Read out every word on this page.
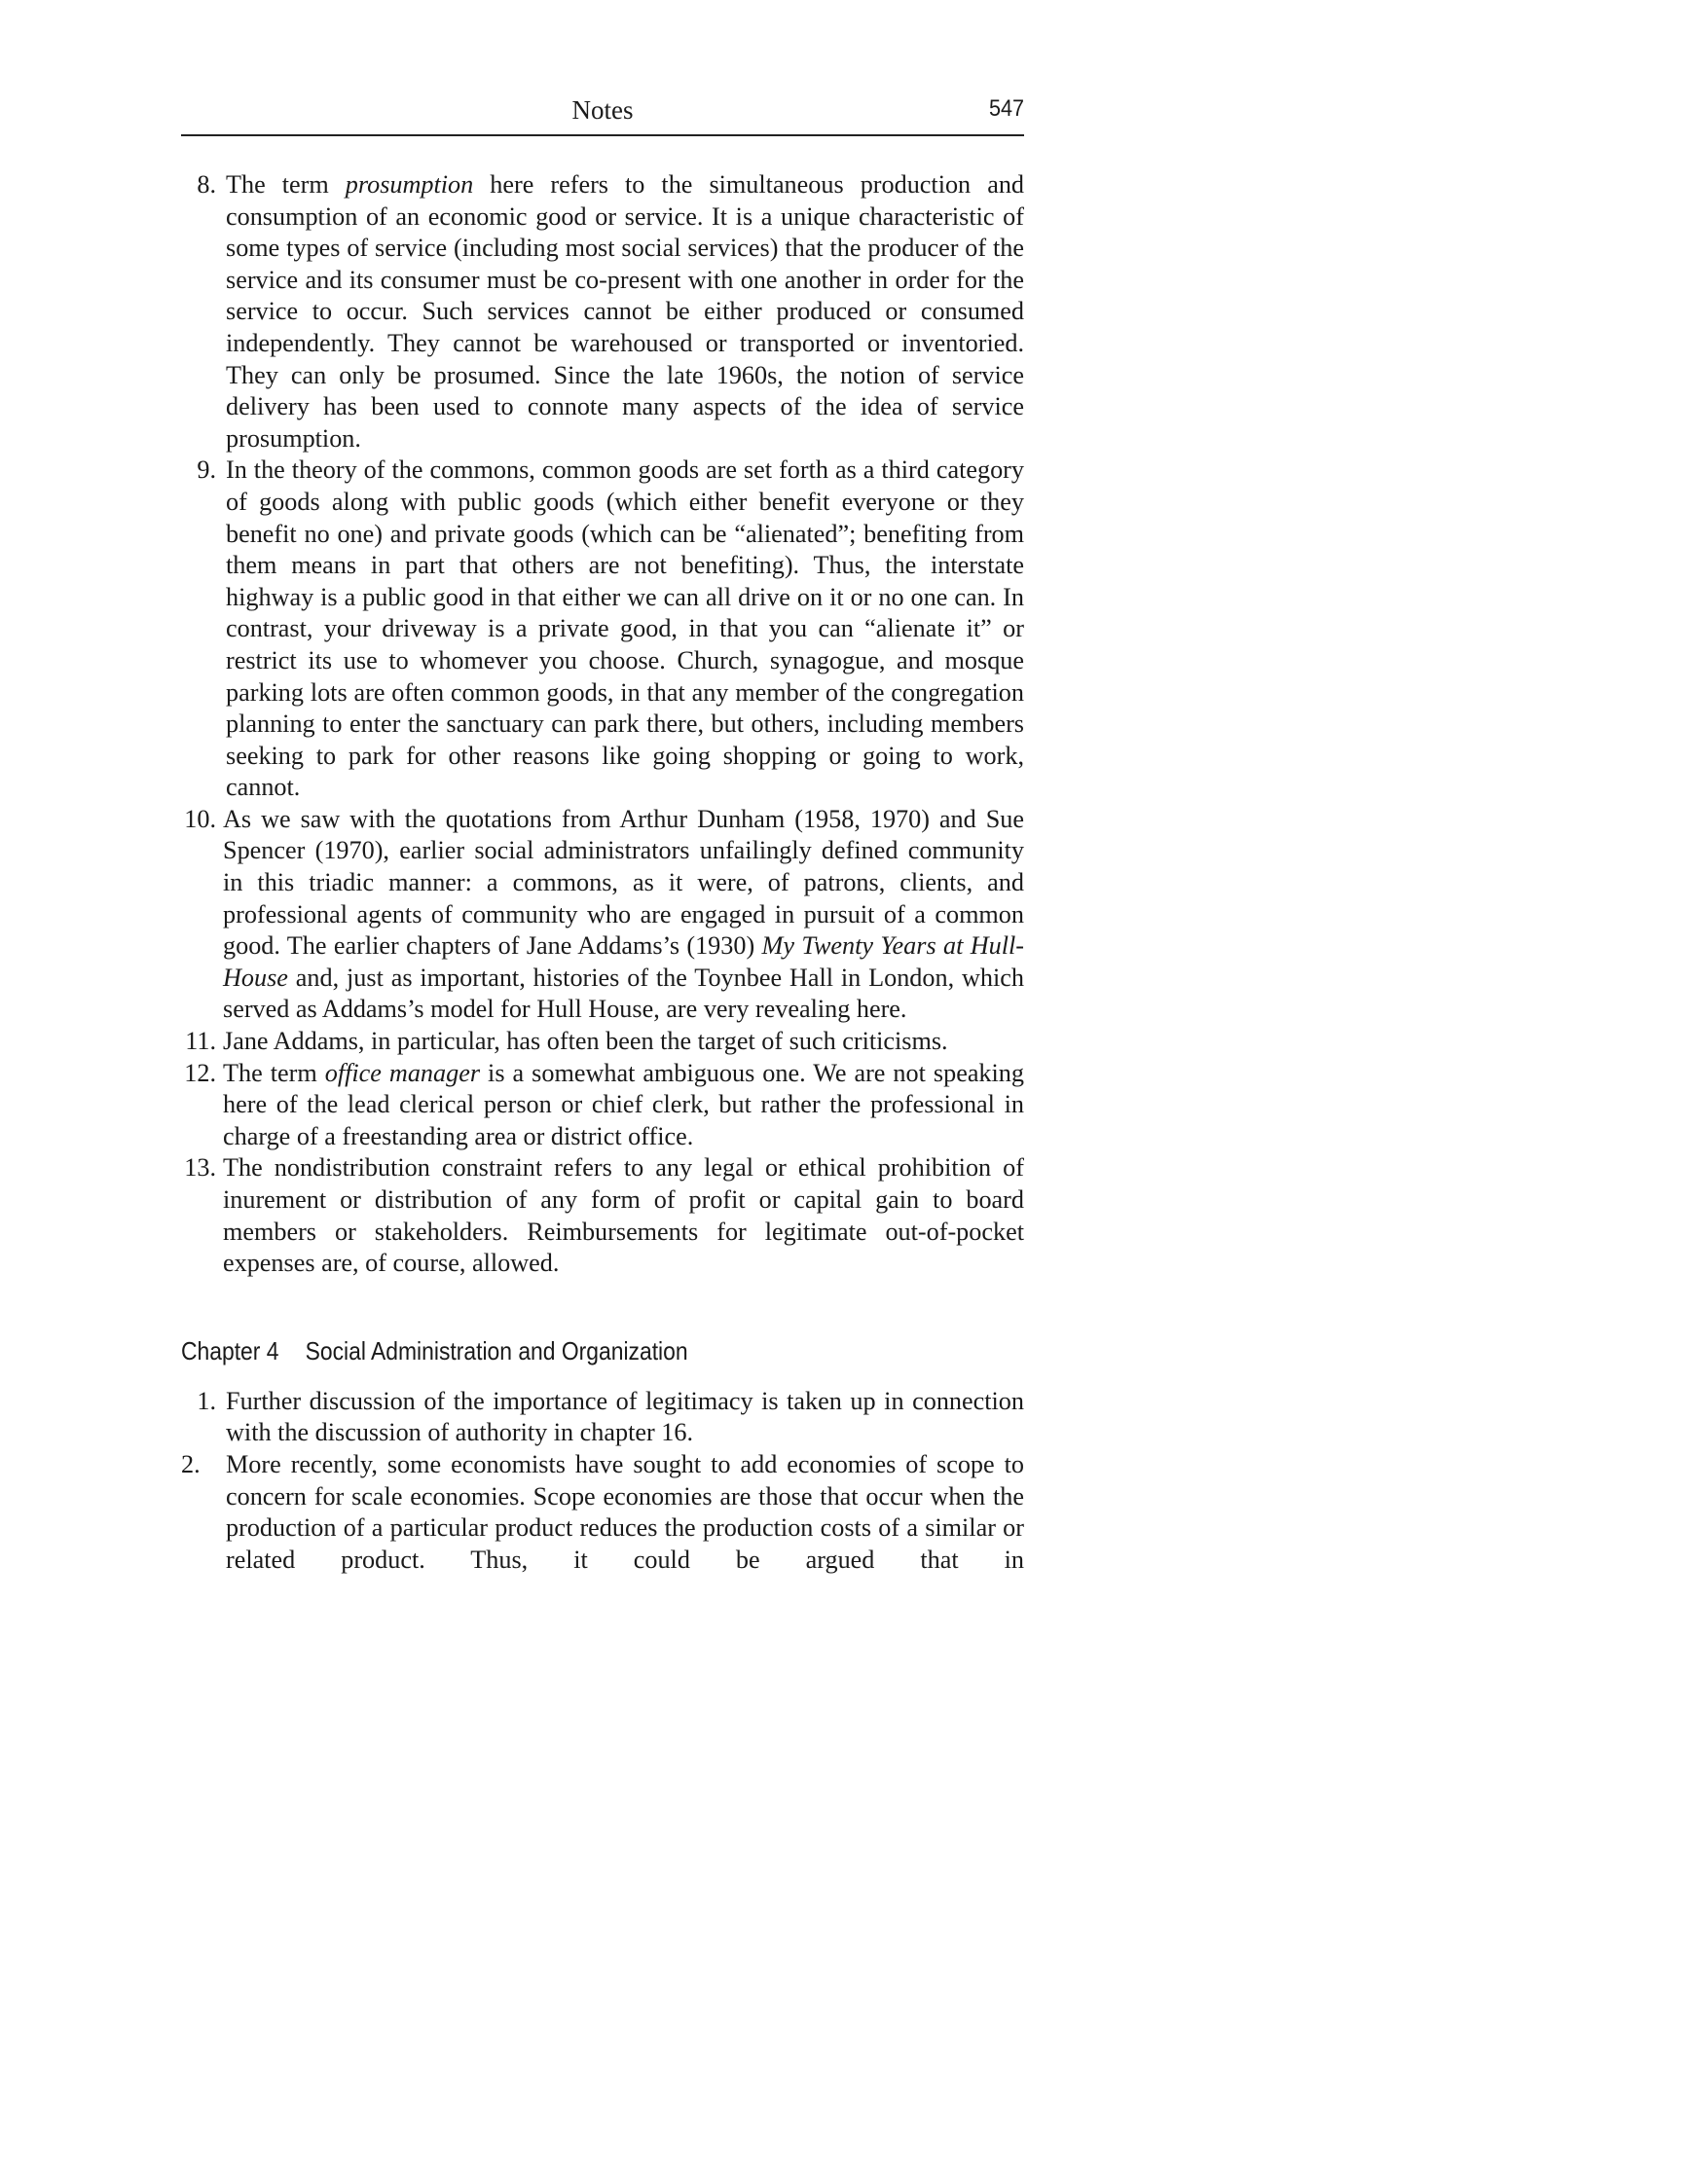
Notes	547
8. The term prosumption here refers to the simultaneous production and consumption of an economic good or service. It is a unique characteristic of some types of service (including most social services) that the producer of the service and its consumer must be co-present with one another in order for the service to occur. Such services cannot be either produced or consumed independently. They cannot be warehoused or transported or inventoried. They can only be prosumed. Since the late 1960s, the notion of service delivery has been used to connote many aspects of the idea of service prosumption.
9. In the theory of the commons, common goods are set forth as a third category of goods along with public goods (which either benefit everyone or they benefit no one) and private goods (which can be “alienated”; benefiting from them means in part that others are not benefiting). Thus, the interstate highway is a public good in that either we can all drive on it or no one can. In contrast, your driveway is a private good, in that you can “alienate it” or restrict its use to whomever you choose. Church, synagogue, and mosque parking lots are often common goods, in that any member of the congregation planning to enter the sanctuary can park there, but others, including members seeking to park for other reasons like going shopping or going to work, cannot.
10. As we saw with the quotations from Arthur Dunham (1958, 1970) and Sue Spencer (1970), earlier social administrators unfailingly defined community in this triadic manner: a commons, as it were, of patrons, clients, and professional agents of community who are engaged in pursuit of a common good. The earlier chapters of Jane Addams’s (1930) My Twenty Years at Hull-House and, just as important, histories of the Toynbee Hall in London, which served as Addams’s model for Hull House, are very revealing here.
11. Jane Addams, in particular, has often been the target of such criticisms.
12. The term office manager is a somewhat ambiguous one. We are not speaking here of the lead clerical person or chief clerk, but rather the professional in charge of a freestanding area or district office.
13. The nondistribution constraint refers to any legal or ethical prohibition of inurement or distribution of any form of profit or capital gain to board members or stakeholders. Reimbursements for legitimate out-of-pocket expenses are, of course, allowed.
Chapter 4 Social Administration and Organization
1. Further discussion of the importance of legitimacy is taken up in connection with the discussion of authority in chapter 16.
2.	More recently, some economists have sought to add economies of scope to concern for scale economies. Scope economies are those that occur when the production of a particular product reduces the production costs of a similar or related product. Thus, it could be argued that in
